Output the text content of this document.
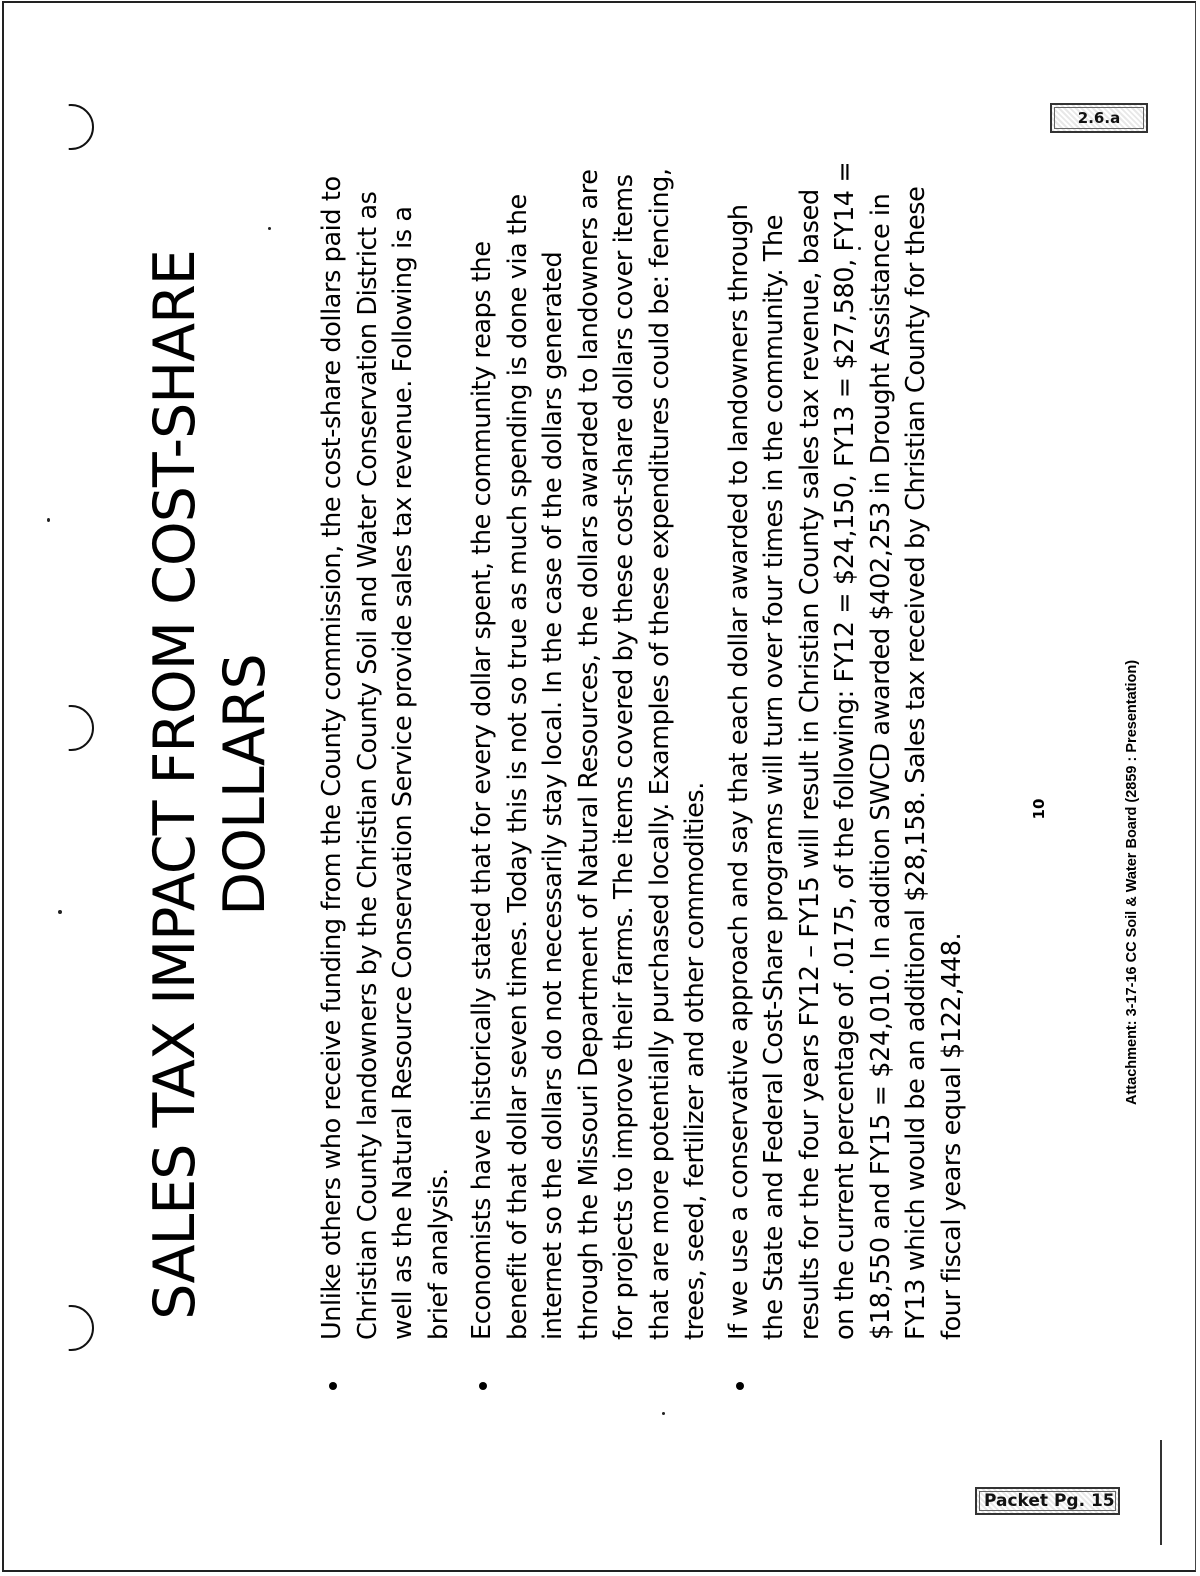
2.6.a
Packet Pg. 15
SALES TAX IMPACT FROM COST-SHARE DOLLARS	Unlike others who receive funding from the County commission, the cost-share dollars paid to Christian County landowners by the Christian County Soil and Water Conservation District as well as the Natural Resource Conservation Service provide sales tax revenue. Following is a brief analysis. Economists have historically stated that for every dollar spent, the community reaps the benefit of that dollar seven times. Today this is not so true as much spending is done via the internet so the dollars do not necessarily stay local. In the case of the dollars generated through the Missouri Department of Natural Resources, the dollars awarded to landowners are for projects to improve their farms. The items covered by these cost-share dollars cover items that are more potentially purchased locally. Examples of these expenditures could be: fencing, trees, seed, fertilizer and other commodities. If we use a conservative approach and say that each dollar awarded to landowners through the State and Federal Cost-Share programs will turn over four times in the community. The results for the four years FY12 – FY15 will result in Christian County sales tax revenue, based on the current percentage of .0175, of the following: FY12 = $24,150, FY13 = $27,580, FY14 = $18,550 and FY15 = $24,010. In addition SWCD awarded $402,253 in Drought Assistance in FY13 which would be an additional $28,158. Sales tax received by Christian County for these four fiscal years equal $122,448.
10	Attachment: 3-17-16 CC Soil & Water Board (2859 : Presentation)
